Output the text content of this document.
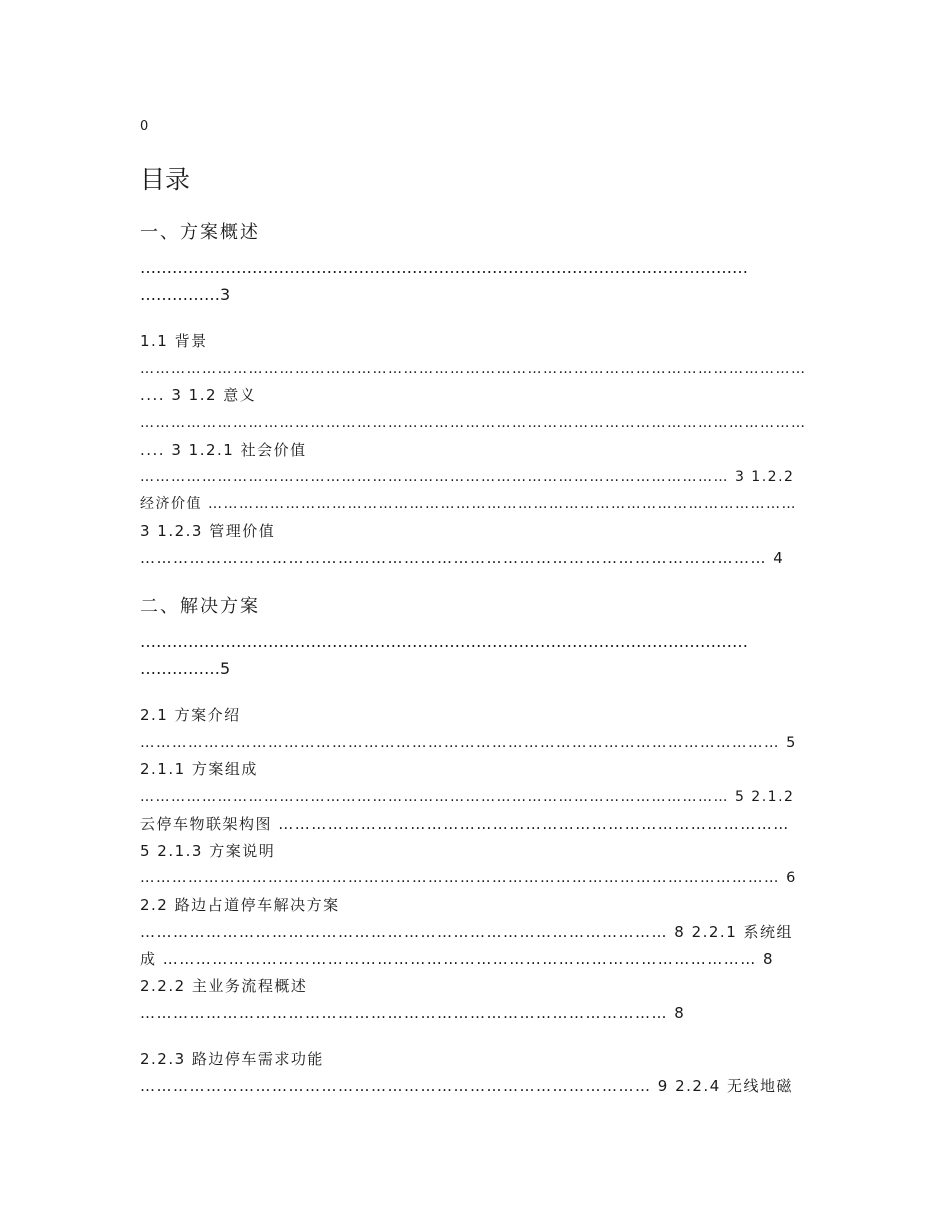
0
目录
一、方案概述
……………………………………………………………………………………………………
……………3
1.1 背景
…………………………………………………………………………………………………………………
.... 3 1.2 意义
…………………………………………………………………………………………………………………
.... 3 1.2.1 社会价值
…………………………………………………………………………………………………… 3 1.2.2
经济价值 ……………………………………………………………………………………………………
3 1.2.3 管理价值
…………………………………………………………………………………………………… 4
二、解决方案
……………………………………………………………………………………………………
……………5
2.1 方案介绍
………………………………………………………………………………………………………… 5
2.1.1 方案组成
…………………………………………………………………………………………………… 5 2.1.2
云停车物联架构图 …………………………………………………………………………………
5 2.1.3 方案说明
………………………………………………………………………………………………………… 6
2.2 路边占道停车解决方案
…………………………………………………………………………………… 8 2.2.1 系统组
成 ……………………………………………………………………………………………… 8
2.2.2 主业务流程概述
…………………………………………………………………………………… 8
2.2.3 路边停车需求功能
………………………………………………………………………………… 9 2.2.4 无线地磁
